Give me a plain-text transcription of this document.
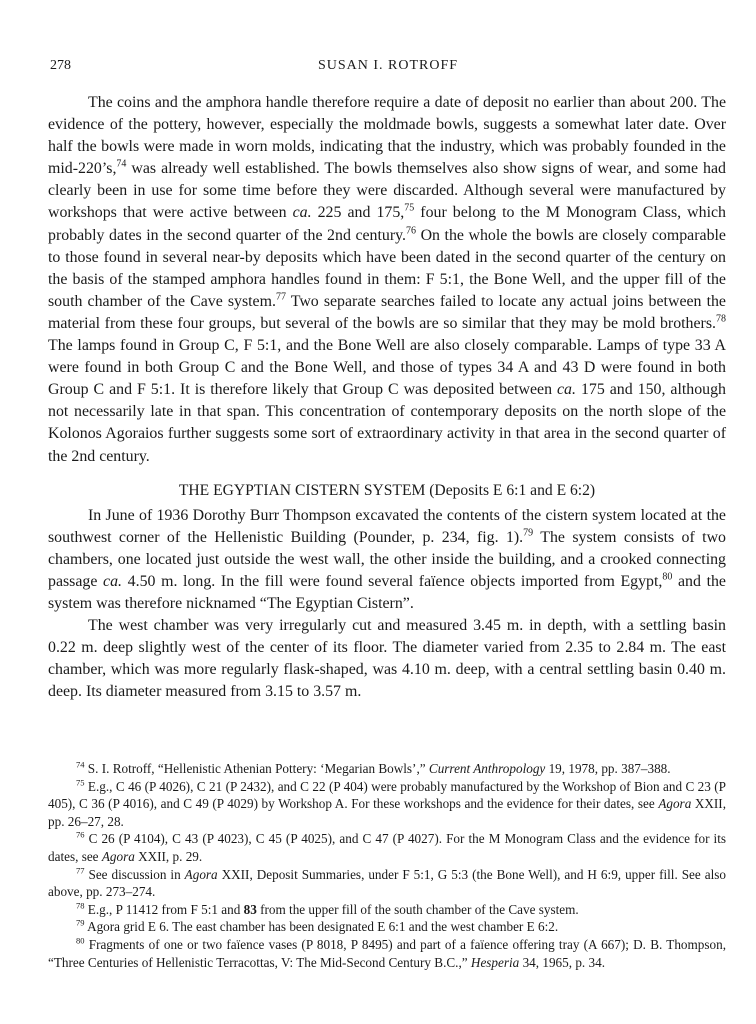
278	SUSAN I. ROTROFF

The coins and the amphora handle therefore require a date of deposit no earlier than about 200. The evidence of the pottery, however, especially the moldmade bowls, suggests a somewhat later date. Over half the bowls were made in worn molds, indicating that the industry, which was probably founded in the mid-220’s,$^{74}$ was already well established. The bowls themselves also show signs of wear, and some had clearly been in use for some time before they were discarded. Although several were manufactured by workshops that were active between ca. 225 and 175,75 four belong to the M Monogram Class, which probably dates in the second quarter of the 2nd century.$^{76}$ On the whole the bowls are closely comparable to those found in several near-by deposits which have been dated in the second quarter of the century on the basis of the stamped amphora handles found in them: F 5:1, the Bone Well, and the upper fill of the south chamber of the Cave system.$^{77}$ Two separate searches failed to locate any actual joins between the material from these four groups, but several of the bowls are so similar that they may be mold brothers.$^{78}$ The lamps found in Group C, F 5:1, and the Bone Well are also closely comparable. Lamps of type 33 A were found in both Group C and the Bone Well, and those of types 34 A and 43 D were found in both Group C and F 5:1. It is therefore likely that Group C was deposited between ca. 175 and 150, although not necessarily late in that span. This concentration of contemporary deposits on the north slope of the Kolonos Agoraios further suggests some sort of extraordinary activity in that area in the second quarter of the 2nd century.

THE EGYPTIAN CISTERN SYSTEM (Deposits E 6:1 and E 6:2)

In June of 1936 Dorothy Burr Thompson excavated the contents of the cistern system located at the southwest corner of the Hellenistic Building (Pounder, p. 234, fig. 1).$^{79}$ The system consists of two chambers, one located just outside the west wall, the other inside the building, and a crooked connecting passage ca. 4.50 m. long. In the fill were found several faïence objects imported from Egypt,$^{80}$ and the system was therefore nicknamed “The Egyptian Cistern”.

The west chamber was very irregularly cut and measured 3.45 m. in depth, with a settling basin 0.22 m. deep slightly west of the center of its floor. The diameter varied from 2.35 to 2.84 m. The east chamber, which was more regularly flask-shaped, was 4.10 m. deep, with a central settling basin 0.40 m. deep. Its diameter measured from 3.15 to 3.57 m.

$^{74}$ S. I. Rotroff, “Hellenistic Athenian Pottery: ‘Megarian Bowls’,” Current Anthropology 19, 1978, pp. 387–388.

$^{75}$ E.g., C 46 (P 4026), C 21 (P 2432), and C 22 (P 404) were probably manufactured by the Workshop of Bion and C 23 (P 405), C 36 (P 4016), and C 49 (P 4029) by Workshop A. For these workshops and the evidence for their dates, see Agora XXII, pp. 26–27, 28.

$^{76}$ C 26 (P 4104), C 43 (P 4023), C 45 (P 4025), and C 47 (P 4027). For the M Monogram Class and the evidence for its dates, see Agora XXII, p. 29.

$^{77}$ See discussion in Agora XXII, Deposit Summaries, under F 5:1, G 5:3 (the Bone Well), and H 6:9, upper fill. See also above, pp. 273–274.

$^{78}$ E.g., P 11412 from F 5:1 and 83 from the upper fill of the south chamber of the Cave system.

$^{79}$ Agora grid E 6. The east chamber has been designated E 6:1 and the west chamber E 6:2.

$^{80}$ Fragments of one or two faïence vases (P 8018, P 8495) and part of a faïence offering tray (A 667); D. B. Thompson, “Three Centuries of Hellenistic Terracottas, V: The Mid-Second Century B.C.,” Hesperia 34, 1965, p. 34.
